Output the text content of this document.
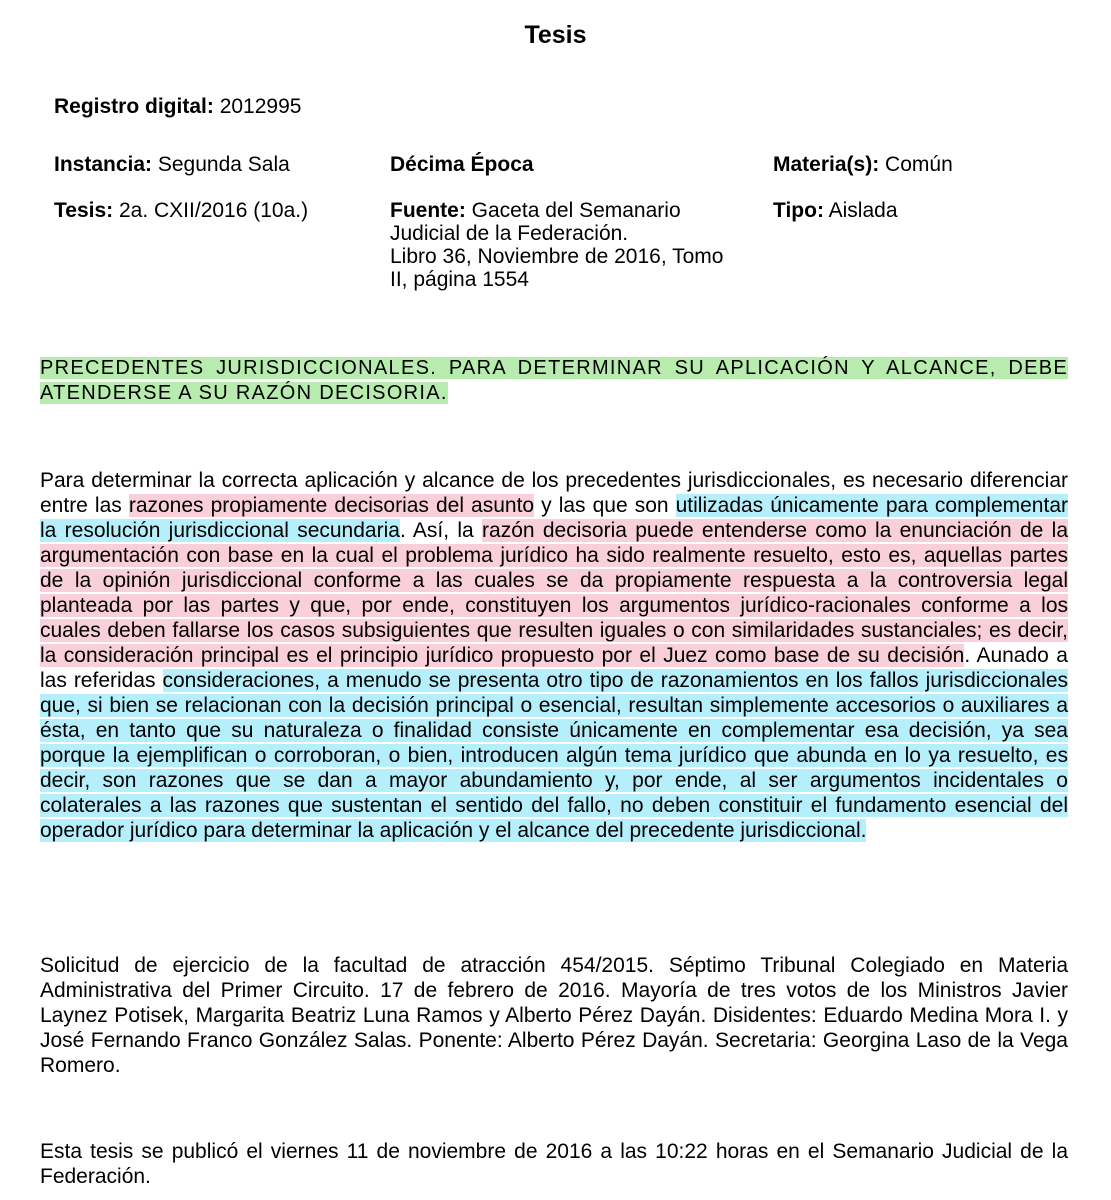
Tesis
Registro digital: 2012995
Instancia: Segunda Sala	Décima Época	Materia(s): Común
Tesis: 2a. CXII/2016 (10a.)	Fuente: Gaceta del Semanario
Judicial de la Federación.
Libro 36, Noviembre de 2016, Tomo
II, página 1554
Tipo: Aislada
PRECEDENTES JURISDICCIONALES. PARA DETERMINAR SU APLICACIÓN Y ALCANCE, DEBE ATENDERSE A SU RAZÓN DECISORIA.
Para determinar la correcta aplicación y alcance de los precedentes jurisdiccionales, es necesario diferenciar entre las razones propiamente decisorias del asunto y las que son utilizadas únicamente para complementar la resolución jurisdiccional secundaria. Así, la razón decisoria puede entenderse como la enunciación de la argumentación con base en la cual el problema jurídico ha sido realmente resuelto, esto es, aquellas partes de la opinión jurisdiccional conforme a las cuales se da propiamente respuesta a la controversia legal planteada por las partes y que, por ende, constituyen los argumentos jurídico-racionales conforme a los cuales deben fallarse los casos subsiguientes que resulten iguales o con similaridades sustanciales; es decir, la consideración principal es el principio jurídico propuesto por el Juez como base de su decisión. Aunado a las referidas consideraciones, a menudo se presenta otro tipo de razonamientos en los fallos jurisdiccionales que, si bien se relacionan con la decisión principal o esencial, resultan simplemente accesorios o auxiliares a ésta, en tanto que su naturaleza o finalidad consiste únicamente en complementar esa decisión, ya sea porque la ejemplifican o corroboran, o bien, introducen algún tema jurídico que abunda en lo ya resuelto, es decir, son razones que se dan a mayor abundamiento y, por ende, al ser argumentos incidentales o colaterales a las razones que sustentan el sentido del fallo, no deben constituir el fundamento esencial del operador jurídico para determinar la aplicación y el alcance del precedente jurisdiccional.
Solicitud de ejercicio de la facultad de atracción 454/2015. Séptimo Tribunal Colegiado en Materia Administrativa del Primer Circuito. 17 de febrero de 2016. Mayoría de tres votos de los Ministros Javier Laynez Potisek, Margarita Beatriz Luna Ramos y Alberto Pérez Dayán. Disidentes: Eduardo Medina Mora I. y José Fernando Franco González Salas. Ponente: Alberto Pérez Dayán. Secretaria: Georgina Laso de la Vega Romero.
Esta tesis se publicó el viernes 11 de noviembre de 2016 a las 10:22 horas en el Semanario Judicial de la Federación.
